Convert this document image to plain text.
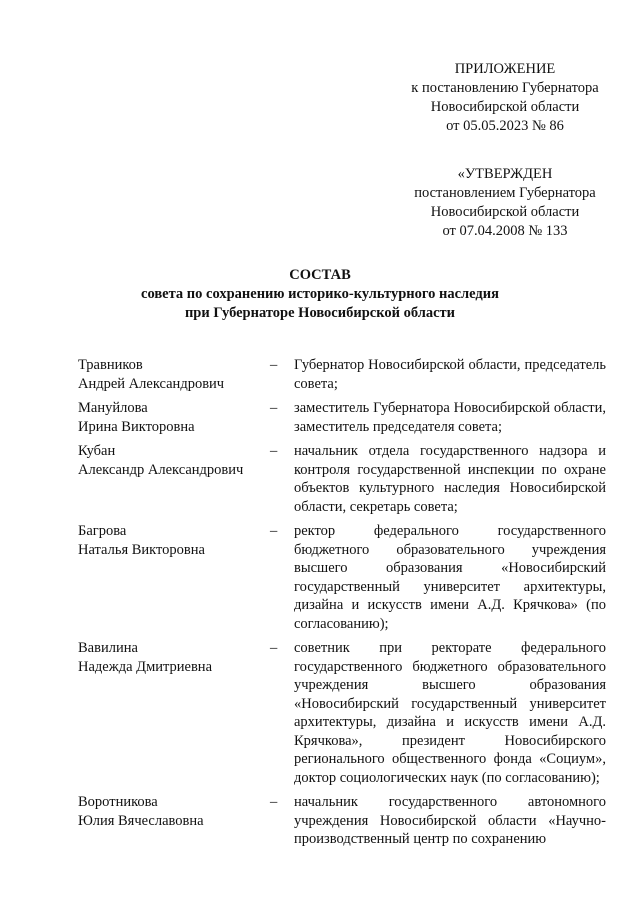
ПРИЛОЖЕНИЕ
к постановлению Губернатора
Новосибирской области
от 05.05.2023 № 86
«УТВЕРЖДЕН
постановлением Губернатора
Новосибирской области
от 07.04.2008 № 133
СОСТАВ
совета по сохранению историко-культурного наследия
при Губернаторе Новосибирской области
Травников
Андрей Александрович
–	Губернатор Новосибирской области, председатель совета;
Мануйлова
Ирина Викторовна
–	заместитель Губернатора Новосибирской области, заместитель председателя совета;
Кубан
Александр Александрович
–	начальник отдела государственного надзора и контроля государственной инспекции по охране объектов культурного наследия Новосибирской области, секретарь совета;
Багрова
Наталья Викторовна
–	ректор федерального государственного бюджетного образовательного учреждения высшего образования «Новосибирский государственный университет архитектуры, дизайна и искусств имени А.Д. Крячкова» (по согласованию);
Вавилина
Надежда Дмитриевна
–	советник при ректорате федерального государственного бюджетного образовательного учреждения высшего образования «Новосибирский государственный университет архитектуры, дизайна и искусств имени А.Д. Крячкова», президент Новосибирского регионального общественного фонда «Социум», доктор социологических наук (по согласованию);
Воротникова
Юлия Вячеславовна
–	начальник государственного автономного учреждения Новосибирской области «Научно-производственный центр по сохранению
